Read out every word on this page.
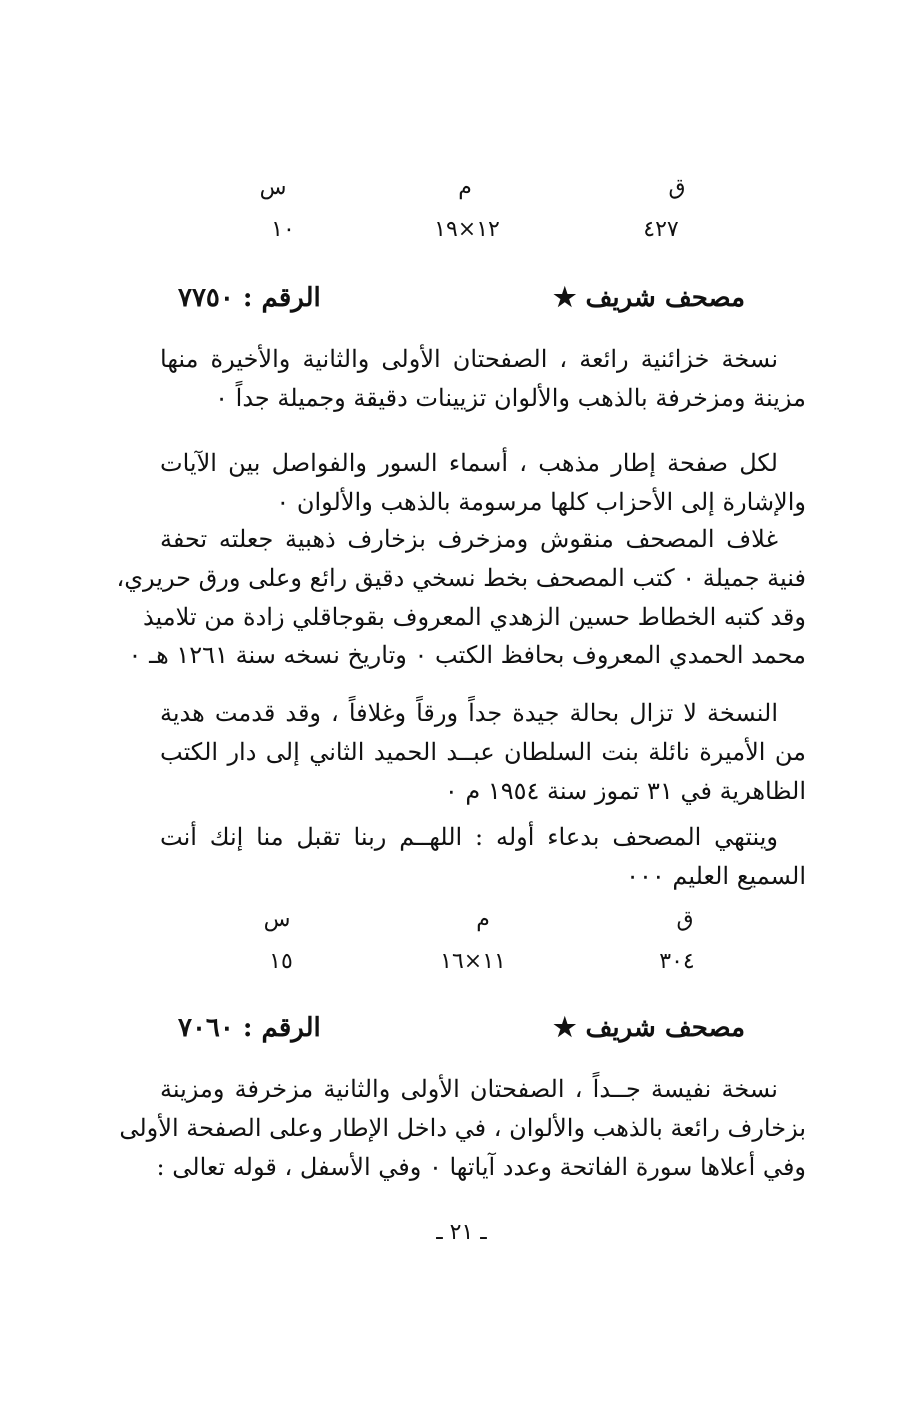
ق
م
س
٤٢٧
١٢×١٩
١٠
مصحف شريف ★
الرقم : ٧٧٥٠
نسخة خزائنية رائعة ، الصفحتان الأولى والثانية والأخيرة منها
مزينة ومزخرفة بالذهب والألوان تزيينات دقيقة وجميلة جداً ٠
لكل صفحة إطار مذهب ، أسماء السور والفواصل بين الآيات
والإشارة إلى الأحزاب كلها مرسومة بالذهب والألوان ٠
غلاف المصحف منقوش ومزخرف بزخارف ذهبية جعلته تحفة
فنية جميلة ٠ كتب المصحف بخط نسخي دقيق رائع وعلى ورق حريري،
وقد كتبه الخطاط حسين الزهدي المعروف بقوجاقلي زادة من تلاميذ
محمد الحمدي المعروف بحافظ الكتب ٠ وتاريخ نسخه سنة ١٢٦١ هـ ٠
النسخة لا تزال بحالة جيدة جداً ورقاً وغلافاً ، وقد قدمت هدية
من الأميرة نائلة بنت السلطان عبــد الحميد الثاني إلى دار الكتب
الظاهرية في ٣١ تموز سنة ١٩٥٤ م ٠
وينتهي المصحف بدعاء أوله : اللهــم ربنا تقبل منا إنك أنت
السميع العليم ٠٠٠
ق
م
س
٣٠٤
١١×١٦
١٥
مصحف شريف ★
الرقم : ٧٠٦٠
نسخة نفيسة جــداً ، الصفحتان الأولى والثانية مزخرفة ومزينة
بزخارف رائعة بالذهب والألوان ، في داخل الإطار وعلى الصفحة الأولى
وفي أعلاها سورة الفاتحة وعدد آياتها ٠ وفي الأسفل ، قوله تعالى :
ـ ٢١ ـ
